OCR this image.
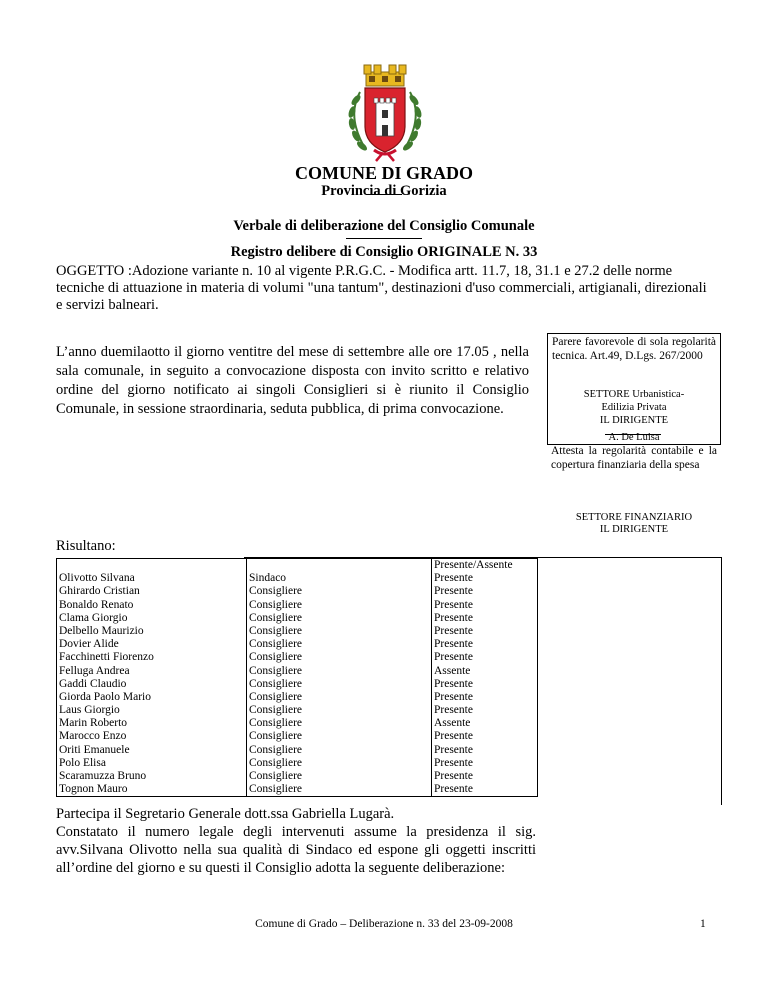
COMUNE DI GRADO
Provincia di Gorizia
Verbale di deliberazione del Consiglio Comunale
Registro delibere di Consiglio ORIGINALE N. 33
OGGETTO :Adozione variante n. 10 al vigente P.R.G.C. - Modifica artt. 11.7, 18, 31.1 e 27.2 delle norme tecniche di attuazione in materia di volumi "una tantum", destinazioni d'uso commerciali, artigianali, direzionali e servizi balneari.
L’anno duemilaotto il giorno ventitre del mese di settembre alle ore 17.05 , nella sala comunale, in seguito a convocazione disposta con invito scritto e relativo ordine del giorno notificato ai singoli Consiglieri si è riunito il Consiglio Comunale, in sessione straordinaria, seduta pubblica, di prima convocazione.
Parere favorevole di sola regolarità tecnica. Art.49, D.Lgs. 267/2000
SETTORE Urbanistica-Edilizia Privata
IL DIRIGENTE
A. De Luisa
Attesta la regolarità contabile e la copertura finanziaria della spesa
SETTORE FINANZIARIO
IL DIRIGENTE
Risultano:
		Presente/Assente
Olivotto Silvana	Sindaco	Presente
Ghirardo Cristian	Consigliere	Presente
Bonaldo Renato	Consigliere	Presente
Clama Giorgio	Consigliere	Presente
Delbello Maurizio	Consigliere	Presente
Dovier Alide	Consigliere	Presente
Facchinetti Fiorenzo	Consigliere	Presente
Felluga Andrea	Consigliere	Assente
Gaddi Claudio	Consigliere	Presente
Giorda Paolo Mario	Consigliere	Presente
Laus Giorgio	Consigliere	Presente
Marin Roberto	Consigliere	Assente
Marocco Enzo	Consigliere	Presente
Oriti Emanuele	Consigliere	Presente
Polo Elisa	Consigliere	Presente
Scaramuzza Bruno	Consigliere	Presente
Tognon Mauro	Consigliere	Presente
Partecipa il Segretario Generale dott.ssa Gabriella Lugarà.
Constatato il numero legale degli intervenuti assume la presidenza il sig. avv.Silvana Olivotto nella sua qualità di Sindaco ed espone gli oggetti inscritti all’ordine del giorno e su questi il Consiglio adotta la seguente deliberazione:
Comune di Grado – Deliberazione n. 33 del 23-09-2008	1
